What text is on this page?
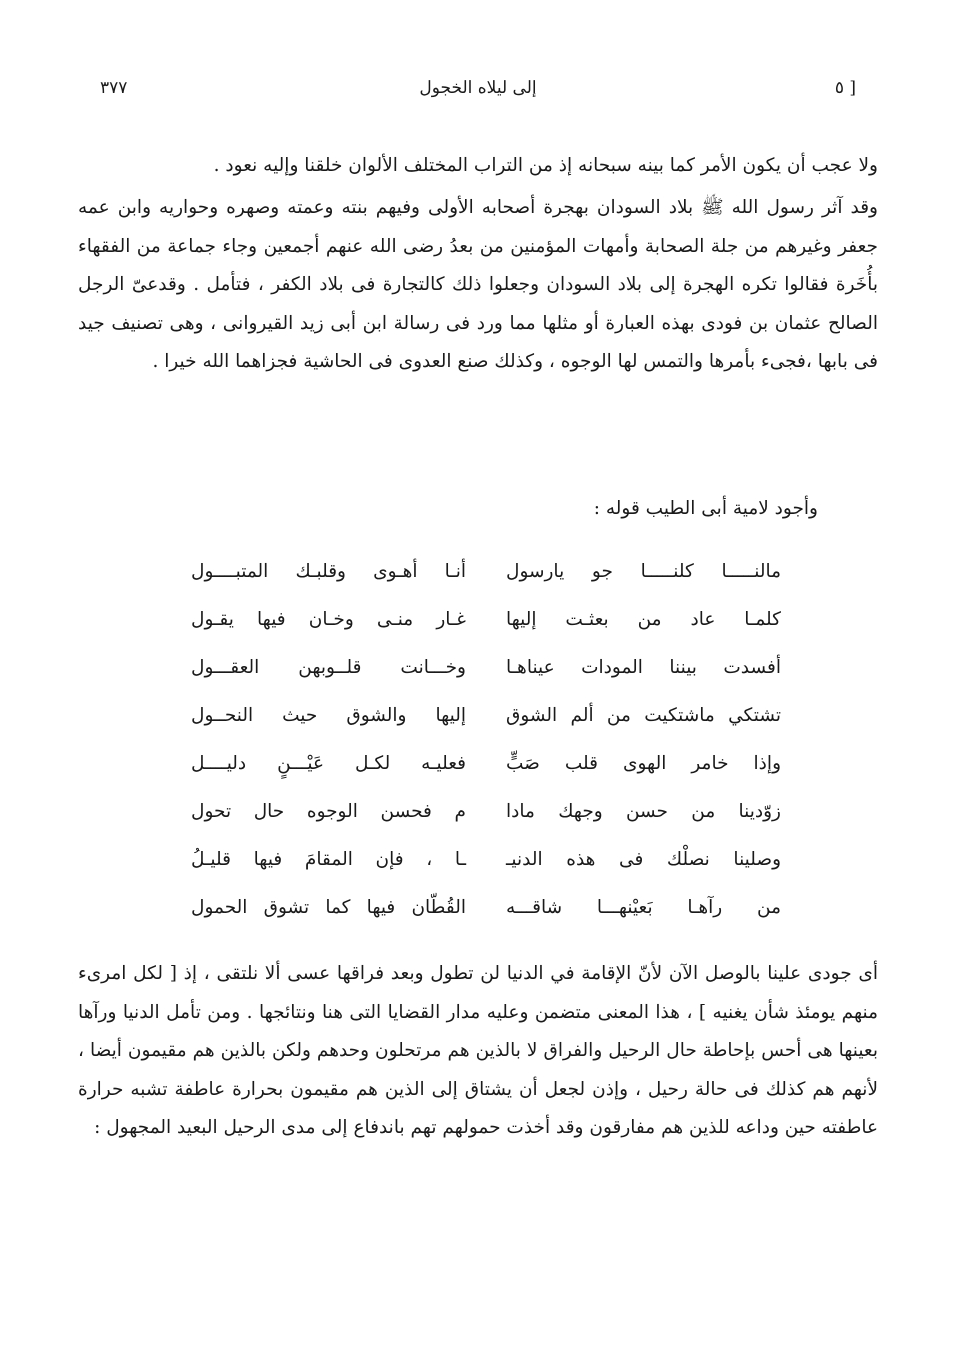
[ ٥
إلى ليلاه الخجول
٣٧٧

ولا عجب أن يكون الأمر كما بينه سبحانه إذ من التراب المختلف الألوان خلقنا وإليه نعود .

وقد آثر رسول الله ﷺ بلاد السودان بهجرة أصحابه الأولى وفيهم بنته وعمته وصهره وحواريه وابن عمه جعفر وغيرهم من جلة الصحابة وأمهات المؤمنين من بعدُ رضى الله عنهم أجمعين وجاء جماعة من الفقهاء بأُخَرة فقالوا تكره الهجرة إلى بلاد السودان وجعلوا ذلك كالتجارة فى بلاد الكفر ، فتأمل . وقدعىّ الرجل الصالح عثمان بن فودى بهذه العبارة أو مثلها مما ورد فى رسالة ابن أبى زيد القيروانى ، وهى تصنيف جيد فى بابها ،فجىء بأمرها والتمس لها الوجوه ، وكذلك صنع العدوى فى الحاشية فجزاهما الله خيرا .

وأجود لامية أبى الطيب قوله :
مالنـــــا كلنـــــا جو يارسول
أنـا أهـوى وقلبـك المتبــــول
كلمـا عاد من بعثـت إليها
غـار منـى وخـان فيها يقـول
أفسدت بيننا المودات عيناهـا
وخـــانت قلــوبهن العقـــول
تشتكي ماشتكيت من ألم الشوق
إليها والشوق حيث النحــول
وإذا خامر الهوى قلب صَبٍّ
فعليـه لكـل عَيْـــنٍ دليــــل
زوّدينا من حسن وجهك مادا
م فحسن الوجوه حال تحول
وصلينا نصلْك فى هذه الدنيـ
ـا ، فإن المقامَ فيها قليـلُ
من رآهـا بَعيْنهـــا شاقـــه
القُطّان فيها كما تشوق الحمول

أى جودى علينا بالوصل الآن لأنّ الإقامة في الدنيا لن تطول وبعد فراقها عسى ألا نلتقى ، إذ [ لكل امرىء منهم يومئذ شأن يغنيه ] ، هذا المعنى متضمن وعليه مدار القضايا التى هنا ونتائجها . ومن تأمل الدنيا ورآها بعينها هى أحس بإحاطة حال الرحيل والفراق لا بالذين هم مرتحلون وحدهم ولكن بالذين هم مقيمون أيضا ، لأنهم هم كذلك فى حالة رحيل ، وإذن لجعل أن يشتاق إلى الذين هم مقيمون بحرارة عاطفة تشبه حرارة عاطفته حين وداعه للذين هم مفارقون وقد أخذت حمولهم تهم باندفاع إلى مدى الرحيل البعيد المجهول :
